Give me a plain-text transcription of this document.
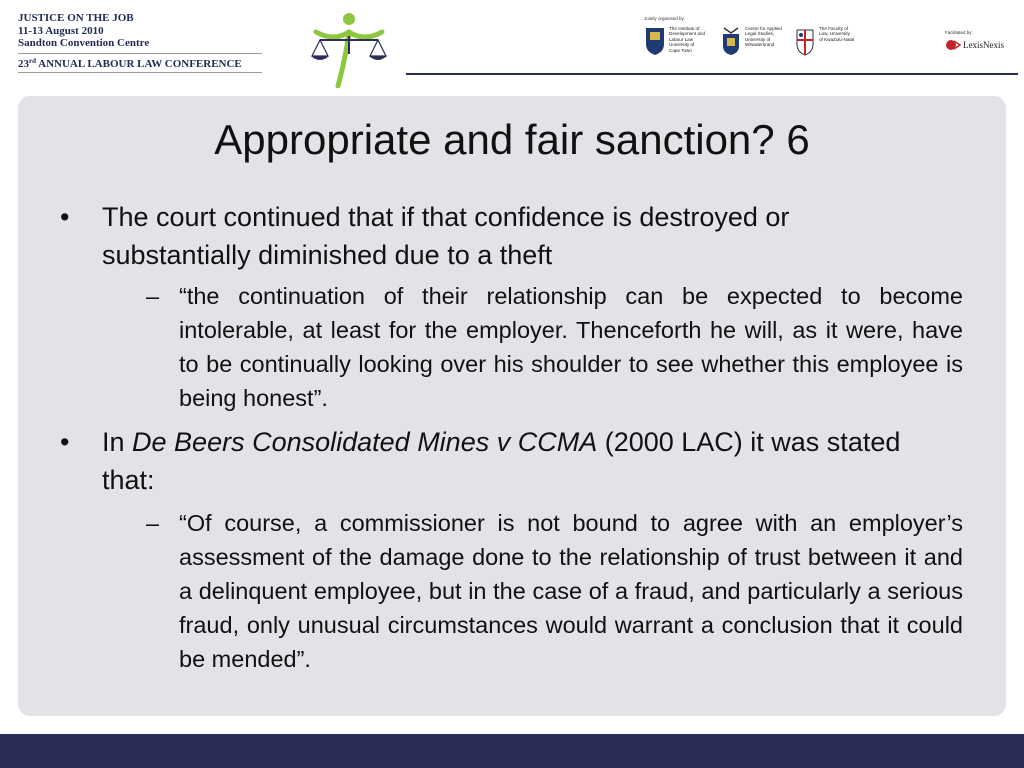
JUSTICE ON THE JOB
11-13 August 2010
Sandton Convention Centre
23rd ANNUAL LABOUR LAW CONFERENCE
Jointly organised by:
The Institute of
Development and
Labour Law
University of
Cape Town
Centre for Applied
Legal Studies,
University of
Witwatersrand
The Faculty of
Law, University
of KwaZulu-Natal
Facilitated by:
LexisNexis
Appropriate and fair sanction? 6
• The court continued that if that confidence is destroyed or substantially diminished due to a theft
– “the continuation of their relationship can be expected to become intolerable, at least for the employer. Thenceforth he will, as it were, have to be continually looking over his shoulder to see whether this employee is being honest”.
• In De Beers Consolidated Mines v CCMA (2000 LAC) it was stated that:
– “Of course, a commissioner is not bound to agree with an employer’s assessment of the damage done to the relationship of trust between it and a delinquent employee, but in the case of a fraud, and particularly a serious fraud, only unusual circumstances would warrant a conclusion that it could be mended”.
